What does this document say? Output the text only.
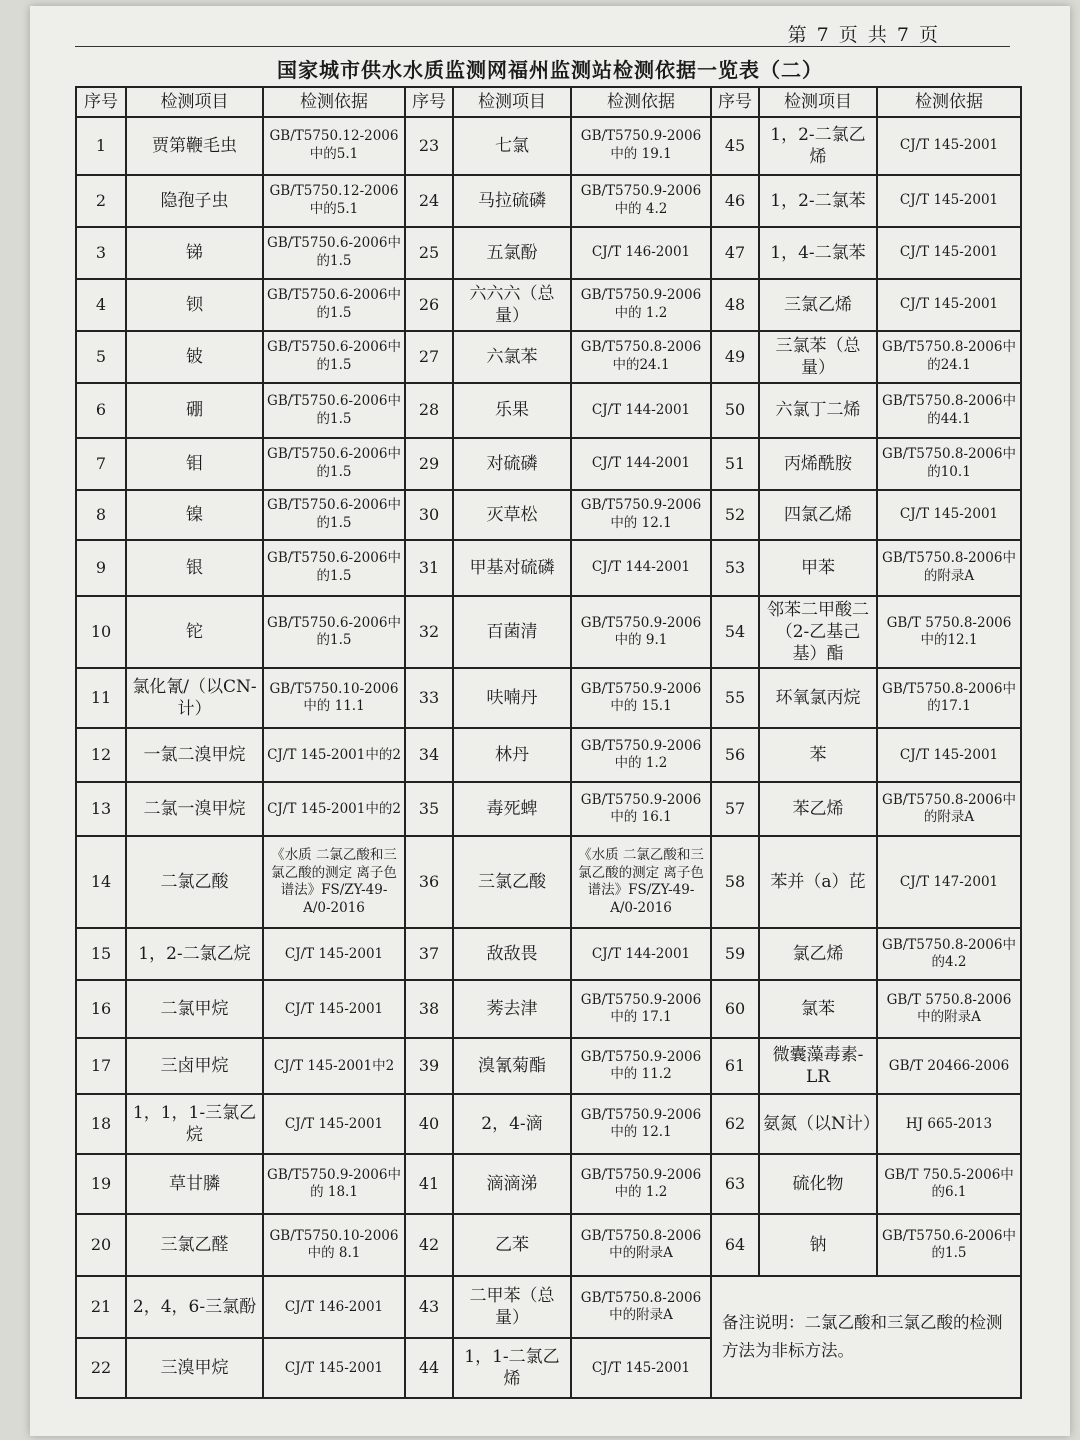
第 7 页 共 7 页
国家城市供水水质监测网福州监测站检测依据一览表（二）
序号	检测项目	检测依据	序号	检测项目	检测依据	序号	检测项目	检测依据
1	贾第鞭毛虫	GB/T5750.12-2006中的5.1	23	七氯	GB/T5750.9-2006中的 19.1	45	1，2-二氯乙烯	CJ/T 145-2001
2	隐孢子虫	GB/T5750.12-2006中的5.1	24	马拉硫磷	GB/T5750.9-2006中的 4.2	46	1，2-二氯苯	CJ/T 145-2001
3	锑	GB/T5750.6-2006中的1.5	25	五氯酚	CJ/T 146-2001	47	1，4-二氯苯	CJ/T 145-2001
4	钡	GB/T5750.6-2006中的1.5	26	六六六（总量）	GB/T5750.9-2006中的 1.2	48	三氯乙烯	CJ/T 145-2001
5	铍	GB/T5750.6-2006中的1.5	27	六氯苯	GB/T5750.8-2006 中的24.1	49	三氯苯（总量）	GB/T5750.8-2006中的24.1
6	硼	GB/T5750.6-2006中的1.5	28	乐果	CJ/T 144-2001	50	六氯丁二烯	GB/T5750.8-2006中的44.1
7	钼	GB/T5750.6-2006中的1.5	29	对硫磷	CJ/T 144-2001	51	丙烯酰胺	GB/T5750.8-2006中的10.1
8	镍	GB/T5750.6-2006中的1.5	30	灭草松	GB/T5750.9-2006中的 12.1	52	四氯乙烯	CJ/T 145-2001
9	银	GB/T5750.6-2006中的1.5	31	甲基对硫磷	CJ/T 144-2001	53	甲苯	GB/T5750.8-2006中的附录A
10	铊	GB/T5750.6-2006中的1.5	32	百菌清	GB/T5750.9-2006中的 9.1	54	邻苯二甲酸二（2-乙基己基）酯	GB/T 5750.8-2006中的12.1
11	氯化氰/（以CN-计）	GB/T5750.10-2006中的 11.1	33	呋喃丹	GB/T5750.9-2006中的 15.1	55	环氧氯丙烷	GB/T5750.8-2006中的17.1
12	一氯二溴甲烷	CJ/T 145-2001中的2	34	林丹	GB/T5750.9-2006中的 1.2	56	苯	CJ/T 145-2001
13	二氯一溴甲烷	CJ/T 145-2001中的2	35	毒死蜱	GB/T5750.9-2006中的 16.1	57	苯乙烯	GB/T5750.8-2006中的附录A
14	二氯乙酸	《水质 二氯乙酸和三氯乙酸的测定 离子色谱法》FS/ZY-49-A/0-2016	36	三氯乙酸	《水质 二氯乙酸和三氯乙酸的测定 离子色谱法》FS/ZY-49-A/0-2016	58	苯并（a）芘	CJ/T 147-2001
15	1，2-二氯乙烷	CJ/T 145-2001	37	敌敌畏	CJ/T 144-2001	59	氯乙烯	GB/T5750.8-2006中的4.2
16	二氯甲烷	CJ/T 145-2001	38	莠去津	GB/T5750.9-2006中的 17.1	60	氯苯	GB/T 5750.8-2006中的附录A
17	三卤甲烷	CJ/T 145-2001中2	39	溴氰菊酯	GB/T5750.9-2006中的 11.2	61	微囊藻毒素-LR	GB/T 20466-2006
18	1，1，1-三氯乙烷	CJ/T 145-2001	40	2，4-滴	GB/T5750.9-2006中的 12.1	62	氨氮（以N计）	HJ 665-2013
19	草甘膦	GB/T5750.9-2006中的 18.1	41	滴滴涕	GB/T5750.9-2006中的 1.2	63	硫化物	GB/T 750.5-2006中的6.1
20	三氯乙醛	GB/T5750.10-2006中的 8.1	42	乙苯	GB/T5750.8-2006 中的附录A	64	钠	GB/T5750.6-2006中的1.5
21	2，4，6-三氯酚	CJ/T 146-2001	43	二甲苯（总量）	GB/T5750.8-2006 中的附录A	备注说明：二氯乙酸和三氯乙酸的检测方法为非标方法。		
22	三溴甲烷	CJ/T 145-2001	44	1，1-二氯乙烯	CJ/T 145-2001			
